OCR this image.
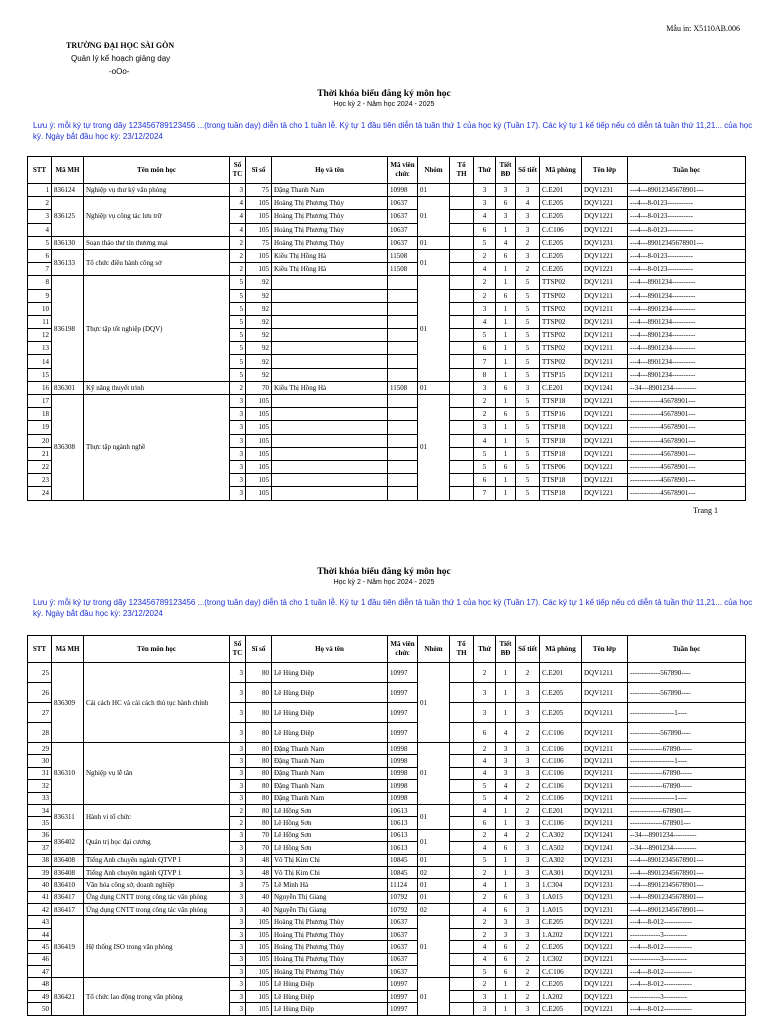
Mẫu in: X5110AB.006
TRƯỜNG ĐẠI HỌC SÀI GÒN
Quản lý kế hoạch giảng dạy
-oOo-
Thời khóa biểu đăng ký môn học
Học kỳ 2 - Năm học 2024 - 2025
Lưu ý: mỗi ký tự trong dãy 123456789123456 ...(trong tuần dạy) diễn tả cho 1 tuần lễ. Ký tự 1 đầu tiên diễn tả tuần thứ 1 của học kỳ (Tuần 17). Các ký tự 1 kế tiếp nếu có diễn tả tuần thứ 11,21... của học kỳ. Ngày bắt đầu học kỳ: 23/12/2024
STT	Mã MH	Tên môn học	Số TC	Sĩ số	Họ và tên	Mã viên chức	Nhóm	Tổ TH	Thứ	Tiết BĐ	Số tiết	Mã phòng	Tên lớp	Tuần học
1	836124	Nghiệp vụ thư ký văn phòng	3	75	Đặng Thanh Nam	10998	01		3	3	3	C.E201	DQV1231	---4---89012345678901---
2	836125	Nghiệp vụ công tác lưu trữ	4	105	Hoàng Thị Phương Thùy	10637	01		3	6	4	C.E205	DQV1221	---4---8-0123-----------
3			4	105	Hoàng Thị Phương Thùy	10637			4	3	3	C.E205	DQV1221	---4---8-0123-----------
4			4	105	Hoàng Thị Phương Thùy	10637			6	1	3	C.C106	DQV1221	---4---8-0123-----------
5	836130	Soạn thảo thư tín thương mại	2	75	Hoàng Thị Phương Thùy	10637	01		5	4	2	C.E205	DQV1231	---4---89012345678901---
6	836133	Tổ chức điều hành công sở	2	105	Kiều Thị Hồng Hà	11508	01		2	6	3	C.E205	DQV1221	---4---8-0123-----------
7			2	105	Kiều Thị Hồng Hà	11508			4	1	2	C.E205	DQV1221	---4---8-0123-----------
8	836198	Thực tập tốt nghiệp (DQV)	5	92			01		2	1	5	TTSP02	DQV1211	---4---8901234----------
9			5	92					2	6	5	TTSP02	DQV1211	---4---8901234----------
10			5	92					3	1	5	TTSP02	DQV1211	---4---8901234----------
11			5	92					4	1	5	TTSP02	DQV1211	---4---8901234----------
12			5	92					5	1	5	TTSP02	DQV1211	---4---8901234----------
13			5	92					6	1	5	TTSP02	DQV1211	---4---8901234----------
14			5	92					7	1	5	TTSP02	DQV1211	---4---8901234----------
15			5	92					8	1	5	TTSP15	DQV1211	---4---8901234----------
16	836301	Kỹ năng thuyết trình	2	70	Kiều Thị Hồng Hà	11508	01		3	6	3	C.E201	DQV1241	--34---8901234----------
17	836308	Thực tập ngành nghề	3	105			01		2	1	5	TTSP18	DQV1221	-------------45678901---
18			3	105					2	6	5	TTSP16	DQV1221	-------------45678901---
19			3	105					3	1	5	TTSP18	DQV1221	-------------45678901---
20			3	105					4	1	5	TTSP18	DQV1221	-------------45678901---
21			3	105					5	1	5	TTSP18	DQV1221	-------------45678901---
22			3	105					5	6	5	TTSP06	DQV1221	-------------45678901---
23			3	105					6	1	5	TTSP18	DQV1221	-------------45678901---
24			3	105					7	1	5	TTSP18	DQV1221	-------------45678901---
Trang 1
Thời khóa biểu đăng ký môn học
Học kỳ 2 - Năm học 2024 - 2025
Lưu ý: mỗi ký tự trong dãy 123456789123456 ...(trong tuần dạy) diễn tả cho 1 tuần lễ. Ký tự 1 đầu tiên diễn tả tuần thứ 1 của học kỳ (Tuần 17). Các ký tự 1 kế tiếp nếu có diễn tả tuần thứ 11,21... của học kỳ. Ngày bắt đầu học kỳ: 23/12/2024
STT	Mã MH	Tên môn học	Số TC	Sĩ số	Họ và tên	Mã viên chức	Nhóm	Tổ TH	Thứ	Tiết BĐ	Số tiết	Mã phòng	Tên lớp	Tuần học
25	836309	Cải cách HC và cải cách thủ tục hành chính	3	80	Lê Hùng Điệp	10997	01		2	1	2	C.E201	DQV1211	-------------567890----
26			3	80	Lê Hùng Điệp	10997			3	1	3	C.E205	DQV1211	-------------567890----
27			3	80	Lê Hùng Điệp	10997			3	1	3	C.E205	DQV1211	-------------------1----
28			3	80	Lê Hùng Điệp	10997			6	4	2	C.C106	DQV1211	-------------567890----
29	836310	Nghiệp vụ lễ tân	3	80	Đặng Thanh Nam	10998	01		2	3	3	C.C106	DQV1211	--------------67890-----
30			3	80	Đặng Thanh Nam	10998			4	3	3	C.C106	DQV1211	-------------------1----
31			3	80	Đặng Thanh Nam	10998			4	3	3	C.C106	DQV1211	--------------67890-----
32			3	80	Đặng Thanh Nam	10998			5	4	2	C.C106	DQV1211	--------------67890-----
33			3	80	Đặng Thanh Nam	10998			5	4	2	C.C106	DQV1211	-------------------1----
34	836311	Hành vi tổ chức	2	80	Lê Hồng Sơn	10613	01		4	1	2	C.E201	DQV1211	--------------678901---
35			2	80	Lê Hồng Sơn	10613			6	1	3	C.C106	DQV1211	--------------678901---
36	836402	Quản trị học đại cương	3	70	Lê Hồng Sơn	10613	01		2	4	2	C.A302	DQV1241	--34---8901234----------
37			3	70	Lê Hồng Sơn	10613			4	6	3	C.A502	DQV1241	--34---8901234----------
38	836408	Tiếng Anh chuyên ngành QTVP 1	3	48	Võ Thị Kim Chi	10845	01		5	1	3	C.A302	DQV1231	---4---89012345678901---
39	836408	Tiếng Anh chuyên ngành QTVP 1	3	48	Võ Thị Kim Chi	10845	02		2	1	3	C.A301	DQV1231	---4---89012345678901---
40	836410	Văn hóa công sở, doanh nghiệp	3	75	Lê Minh Hà	11124	01		4	1	3	1.C304	DQV1231	---4---89012345678901---
41	836417	Ứng dụng CNTT trong công tác văn phòng	3	40	Nguyễn Thị Giang	10792	01		2	6	3	1.A015	DQV1231	---4---89012345678901---
42	836417	Ứng dụng CNTT trong công tác văn phòng	3	40	Nguyễn Thị Giang	10792	02		4	6	3	1.A015	DQV1231	---4---89012345678901---
43	836419	Hệ thống ISO trong văn phòng	3	105	Hoàng Thị Phương Thùy	10637	01		2	3	3	C.E205	DQV1221	---4---8-012------------
44			3	105	Hoàng Thị Phương Thùy	10637			2	3	3	1.A202	DQV1221	-------------3----------
45			3	105	Hoàng Thị Phương Thùy	10637			4	6	2	C.E205	DQV1221	---4---8-012------------
46			3	105	Hoàng Thị Phương Thùy	10637			4	6	2	1.C302	DQV1221	-------------3----------
47			3	105	Hoàng Thị Phương Thùy	10637			5	6	2	C.C106	DQV1221	---4---8-012------------
48	836421	Tổ chức lao động trong văn phòng	3	105	Lê Hùng Điệp	10997	01		2	1	2	C.E205	DQV1221	---4---8-012------------
49			3	105	Lê Hùng Điệp	10997			3	1	2	1.A202	DQV1221	-------------3----------
50			3	105	Lê Hùng Điệp	10997			3	1	3	C.E205	DQV1221	---4---8-012------------
